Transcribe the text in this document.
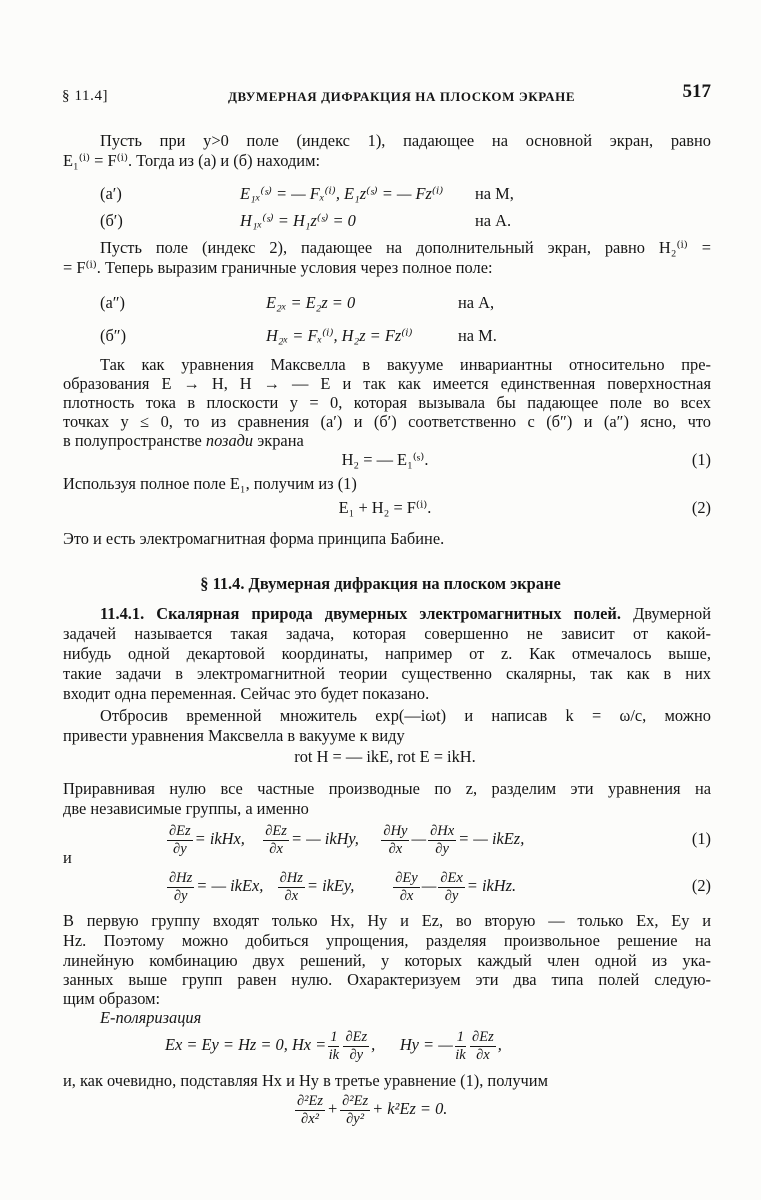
§ 11.4]	ДВУМЕРНАЯ ДИФРАКЦИЯ НА ПЛОСКОМ ЭКРАНЕ	517
Пусть при y>0 поле (индекс 1), падающее на основной экран, равно
E₁⁽ⁱ⁾ = F⁽ⁱ⁾. Тогда из (а) и (б) находим:
(а′)	E₁ₓ⁽ˢ⁾ = — Fₓ⁽ⁱ⁾, E₁z⁽ˢ⁾ = — Fz⁽ⁱ⁾ на M,
(б′)	H₁ₓ⁽ˢ⁾ = H₁z⁽ˢ⁾ = 0	на A.
Пусть поле (индекс 2), падающее на дополнительный экран, равно H₂⁽ⁱ⁾ =
= F⁽ⁱ⁾. Теперь выразим граничные условия через полное поле:
(а″)	E₂ₓ = E₂z = 0	на A,
(б″)	H₂ₓ = Fₓ⁽ⁱ⁾, H₂z = Fz⁽ⁱ⁾	на M.
Так как уравнения Максвелла в вакууме инвариантны относительно пре-
образования E → H, H → — E и так как имеется единственная поверхностная
плотность тока в плоскости y = 0, которая вызывала бы падающее поле во всех
точках y ≤ 0, то из сравнения (а′) и (б′) соответственно с (б″) и (а″) ясно, что
в полупространстве позади экрана
H₂ = — E₁⁽ˢ⁾.	(1)
Используя полное поле E₁, получим из (1)
E₁ + H₂ = F⁽ⁱ⁾.	(2)
Это и есть электромагнитная форма принципа Бабине.
§ 11.4. Двумерная дифракция на плоском экране
11.4.1. Скалярная природа двумерных электромагнитных полей. Двумерной
задачей называется такая задача, которая совершенно не зависит от какой-
нибудь одной декартовой координаты, например от z. Как отмечалось выше,
такие задачи в электромагнитной теории существенно скалярны, так как в них
входит одна переменная. Сейчас это будет показано.
Отбросив временной множитель exp(—iωt) и написав k = ω/c, можно
привести уравнения Максвелла в вакууме к виду
rot H = — ikE, rot E = ikH.
Приравнивая нулю все частные производные по z, разделим эти уравнения на
две независимые группы, а именно
$\frac{\partial Ez}{\partial y}$ = ikHx, $\frac{\partial Ez}{\partial x}$ = — ikHy, $\frac{\partial Hy}{\partial x}$ — $\frac{\partial Hx}{\partial y}$ = — ikEz,	(1)
и
$\frac{\partial Hz}{\partial y}$ = — ikEx, $\frac{\partial Hz}{\partial x}$ = ikEy,	$\frac{\partial Ey}{\partial x}$ — $\frac{\partial Ex}{\partial y}$ = ikHz.	(2)
В первую группу входят только Hx, Hy и Ez, во вторую — только Ex, Ey и
Hz. Поэтому можно добиться упрощения, разделяя произвольное решение на
линейную комбинацию двух решений, у которых каждый член одной из ука-
занных выше групп равен нулю. Охарактеризуем эти два типа полей следую-
щим образом:
E-поляризация
Ex = Ey = Hz = 0, $Hx = \frac{1}{ik} \frac{\partial Ez}{\partial y}$ , Hy = — $\frac{1}{ik} \frac{\partial Ez}{\partial x}$ ,
и, как очевидно, подставляя Hx и Hy в третье уравнение (1), получим
$\frac{\text{∂²Ez}}{\text{∂x²}} + \frac{\text{∂²Ez}}{\text{∂y²}} + k^2Ez = 0$.
